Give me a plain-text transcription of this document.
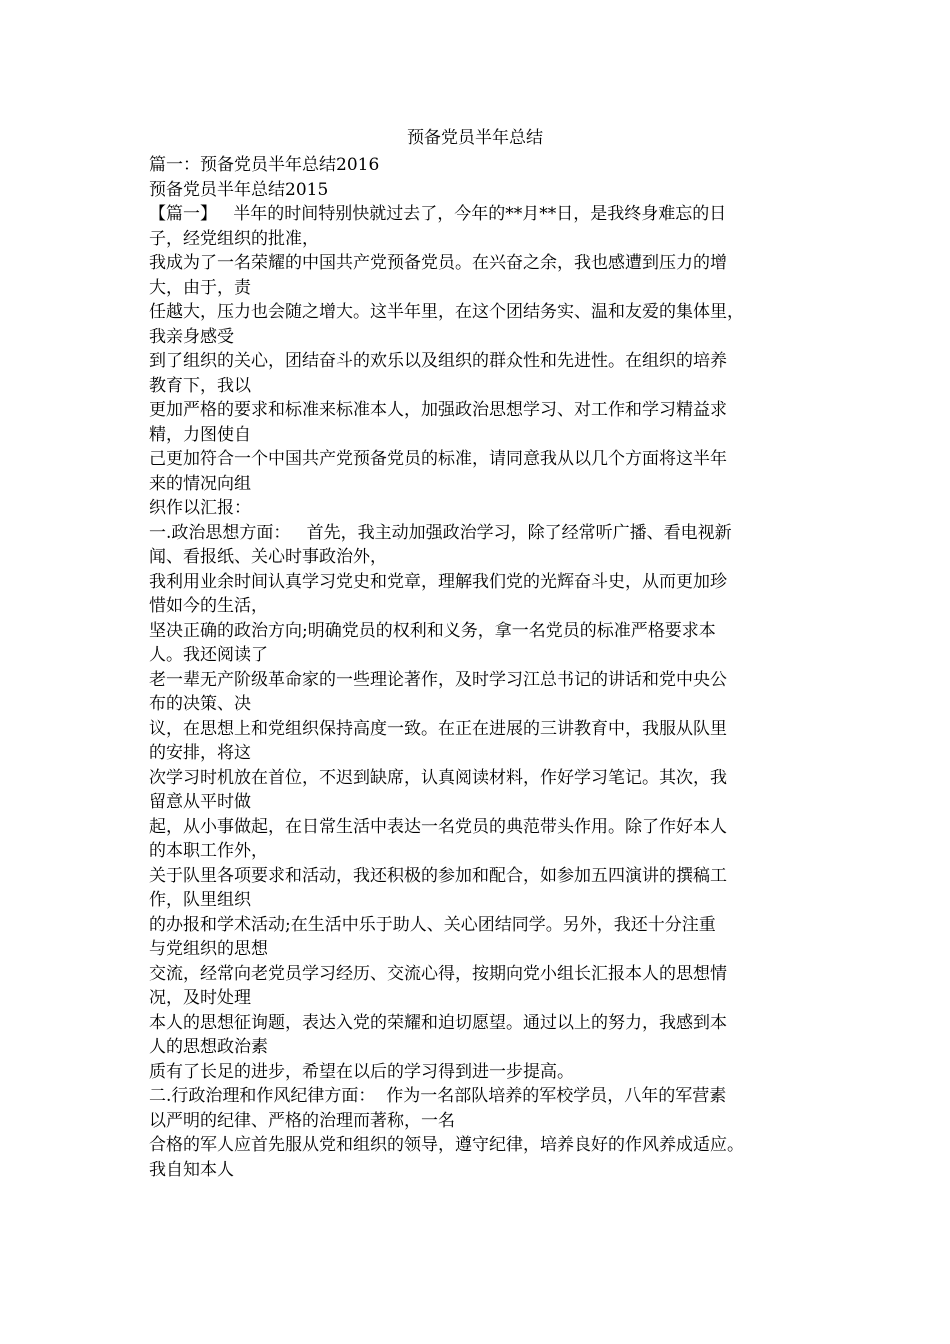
预备党员半年总结
篇一：预备党员半年总结2016
预备党员半年总结2015
【篇一】   半年的时间特别快就过去了，今年的**月**日，是我终身难忘的日
子，经党组织的批准，
我成为了一名荣耀的中国共产党预备党员。在兴奋之余，我也感遭到压力的增
大，由于，责
任越大，压力也会随之增大。这半年里，在这个团结务实、温和友爱的集体里，
我亲身感受
到了组织的关心，团结奋斗的欢乐以及组织的群众性和先进性。在组织的培养
教育下，我以
更加严格的要求和标准来标准本人，加强政治思想学习、对工作和学习精益求
精，力图使自
己更加符合一个中国共产党预备党员的标准，请同意我从以几个方面将这半年
来的情况向组
织作以汇报：
一.政治思想方面：   首先，我主动加强政治学习，除了经常听广播、看电视新
闻、看报纸、关心时事政治外，
我利用业余时间认真学习党史和党章，理解我们党的光辉奋斗史，从而更加珍
惜如今的生活，
坚决正确的政治方向;明确党员的权利和义务，拿一名党员的标准严格要求本
人。我还阅读了
老一辈无产阶级革命家的一些理论著作，及时学习江总书记的讲话和党中央公
布的决策、决
议，在思想上和党组织保持高度一致。在正在进展的三讲教育中，我服从队里
的安排，将这
次学习时机放在首位，不迟到缺席，认真阅读材料，作好学习笔记。其次，我
留意从平时做
起，从小事做起，在日常生活中表达一名党员的典范带头作用。除了作好本人
的本职工作外，
关于队里各项要求和活动，我还积极的参加和配合，如参加五四演讲的撰稿工
作，队里组织
的办报和学术活动;在生活中乐于助人、关心团结同学。另外，我还十分注重
与党组织的思想
交流，经常向老党员学习经历、交流心得，按期向党小组长汇报本人的思想情
况，及时处理
本人的思想征询题，表达入党的荣耀和迫切愿望。通过以上的努力，我感到本
人的思想政治素
质有了长足的进步，希望在以后的学习得到进一步提高。
二.行政治理和作风纪律方面：  作为一名部队培养的军校学员，八年的军营素
以严明的纪律、严格的治理而著称，一名
合格的军人应首先服从党和组织的领导，遵守纪律，培养良好的作风养成适应。
我自知本人
